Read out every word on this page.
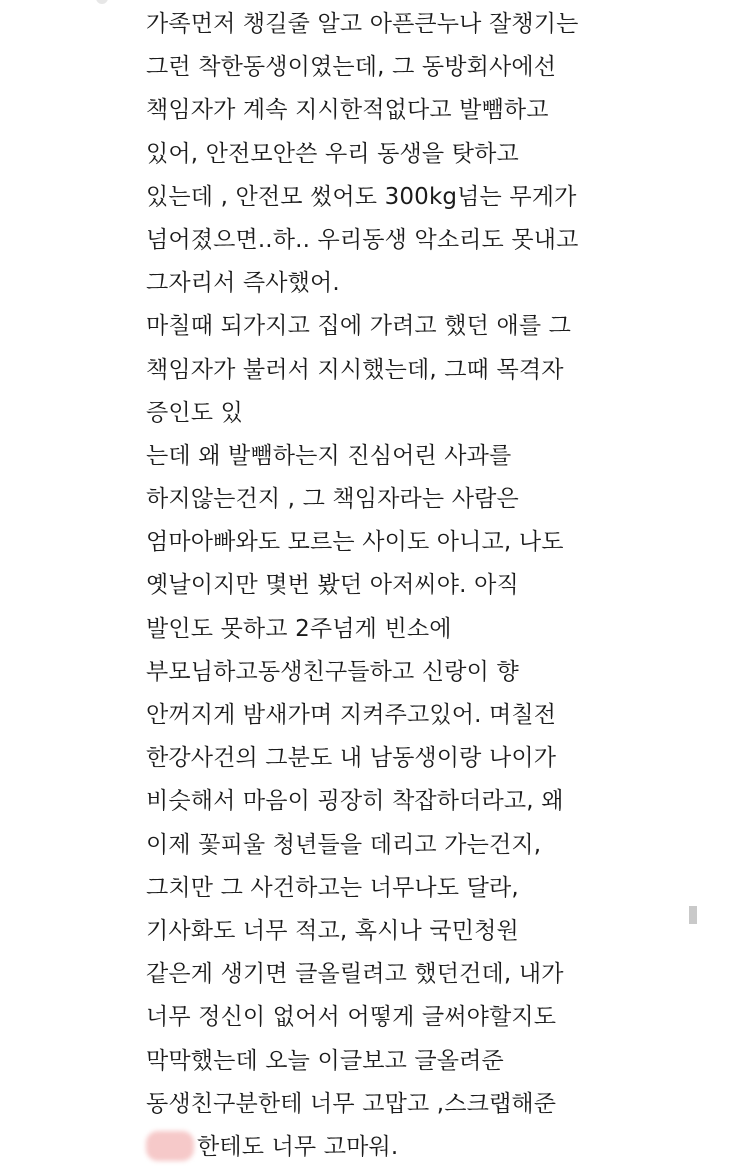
가족먼저 챙길줄 알고 아픈큰누나 잘챙기는
그런 착한동생이였는데, 그 동방회사에선
책임자가 계속 지시한적없다고 발뺌하고
있어, 안전모안쓴 우리 동생을 탓하고
있는데 , 안전모 썼어도 300kg넘는 무게가
넘어졌으면..하.. 우리동생 악소리도 못내고
그자리서 즉사했어.
마칠때 되가지고 집에 가려고 했던 애를 그
책임자가 불러서 지시했는데, 그때 목격자
증인도 있
는데 왜 발뺌하는지 진심어린 사과를
하지않는건지 , 그 책임자라는 사람은
엄마아빠와도 모르는 사이도 아니고, 나도
옛날이지만 몇번 봤던 아저씨야. 아직
발인도 못하고 2주넘게 빈소에
부모님하고동생친구들하고 신랑이 향
안꺼지게 밤새가며 지켜주고있어. 며칠전
한강사건의 그분도 내 남동생이랑 나이가
비슷해서 마음이 굉장히 착잡하더라고, 왜
이제 꽃피울 청년들을 데리고 가는건지,
그치만 그 사건하고는 너무나도 달라,
기사화도 너무 적고, 혹시나 국민청원
같은게 생기면 글올릴려고 했던건데, 내가
너무 정신이 없어서 어떻게 글써야할지도
막막했는데 오늘 이글보고 글올려준
동생친구분한테 너무 고맙고 ,스크랩해준
한테도 너무 고마워.
